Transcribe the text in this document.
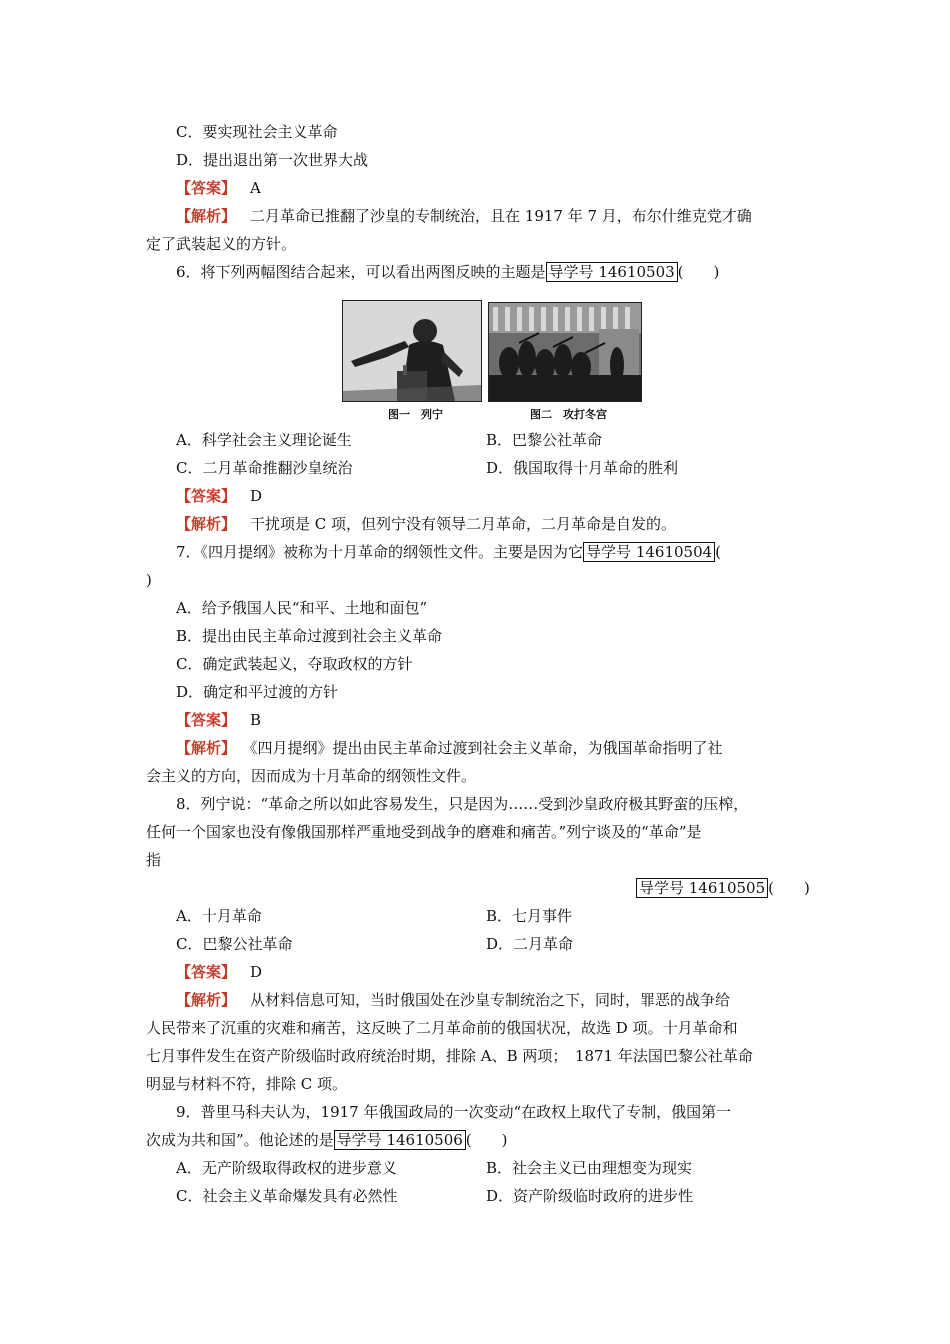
C．要实现社会主义革命
D．提出退出第一次世界大战
【答案】 A
【解析】 二月革命已推翻了沙皇的专制统治，且在 1917 年 7 月，布尔什维克党才确
定了武装起义的方针。
6．将下列两幅图结合起来，可以看出两图反映的主题是 导学号 14610503 (　　)
图一　列宁	图二　攻打冬宫
A．科学社会主义理论诞生	B．巴黎公社革命
C．二月革命推翻沙皇统治	D．俄国取得十月革命的胜利
【答案】 D
【解析】 干扰项是 C 项，但列宁没有领导二月革命，二月革命是自发的。
7．《四月提纲》被称为十月革命的纲领性文件。主要是因为它 导学号 14610504 (
)
A．给予俄国人民“和平、土地和面包”
B．提出由民主革命过渡到社会主义革命
C．确定武装起义，夺取政权的方针
D．确定和平过渡的方针
【答案】 B
【解析】 《四月提纲》提出由民主革命过渡到社会主义革命，为俄国革命指明了社
会主义的方向，因而成为十月革命的纲领性文件。
8．列宁说：“革命之所以如此容易发生，只是因为……受到沙皇政府极其野蛮的压榨，
任何一个国家也没有像俄国那样严重地受到战争的磨难和痛苦。”列宁谈及的“革命”是
指
导学号 14610505 (　　)
A．十月革命	B．七月事件
C．巴黎公社革命	D．二月革命
【答案】 D
【解析】 从材料信息可知，当时俄国处在沙皇专制统治之下，同时，罪恶的战争给
人民带来了沉重的灾难和痛苦，这反映了二月革命前的俄国状况，故选 D 项。十月革命和
七月事件发生在资产阶级临时政府统治时期，排除 A、B 两项；　1871 年法国巴黎公社革命
明显与材料不符，排除 C 项。
9．普里马科夫认为，1917 年俄国政局的一次变动“在政权上取代了专制，俄国第一
次成为共和国”。他论述的是 导学号 14610506 (　　)
A．无产阶级取得政权的进步意义	B．社会主义已由理想变为现实
C．社会主义革命爆发具有必然性	D．资产阶级临时政府的进步性
